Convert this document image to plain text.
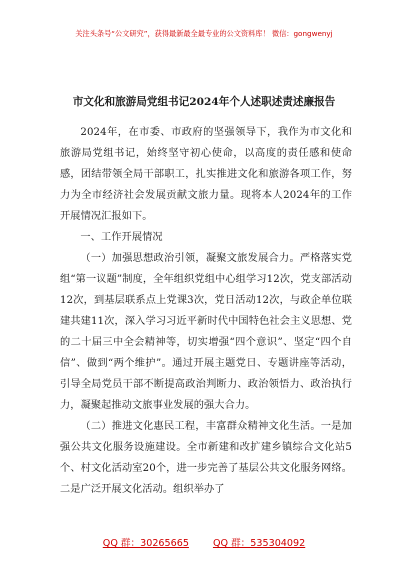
关注头条号“公文研究”，获得最新最全最专业的公文资料库！ 微信：gongwenyj
市文化和旅游局党组书记2024年个人述职述责述廉报告

2024年，在市委、市政府的坚强领导下，我作为市文化和旅游局党组书记，始终坚守初心使命，以高度的责任感和使命感，团结带领全局干部职工，扎实推进文化和旅游各项工作，努力为全市经济社会发展贡献文旅力量。现将本人2024年的工作开展情况汇报如下。

一、工作开展情况

（一）加强思想政治引领，凝聚文旅发展合力。严格落实党组“第一议题”制度，全年组织党组中心组学习12次，党支部活动12次，到基层联系点上党课3次，党日活动12次，与政企单位联建共建11次，深入学习习近平新时代中国特色社会主义思想、党的二十届三中全会精神等，切实增强“四个意识”、坚定“四个自信”、做到“两个维护”。通过开展主题党日、专题讲座等活动，引导全局党员干部不断提高政治判断力、政治领悟力、政治执行力，凝聚起推动文旅事业发展的强大合力。

（二）推进文化惠民工程，丰富群众精神文化生活。一是加强公共文化服务设施建设。全市新建和改扩建乡镇综合文化站5个、村文化活动室20个，进一步完善了基层公共文化服务网络。二是广泛开展文化活动。组织举办了

QQ 群：30265665	QQ 群：535304092
